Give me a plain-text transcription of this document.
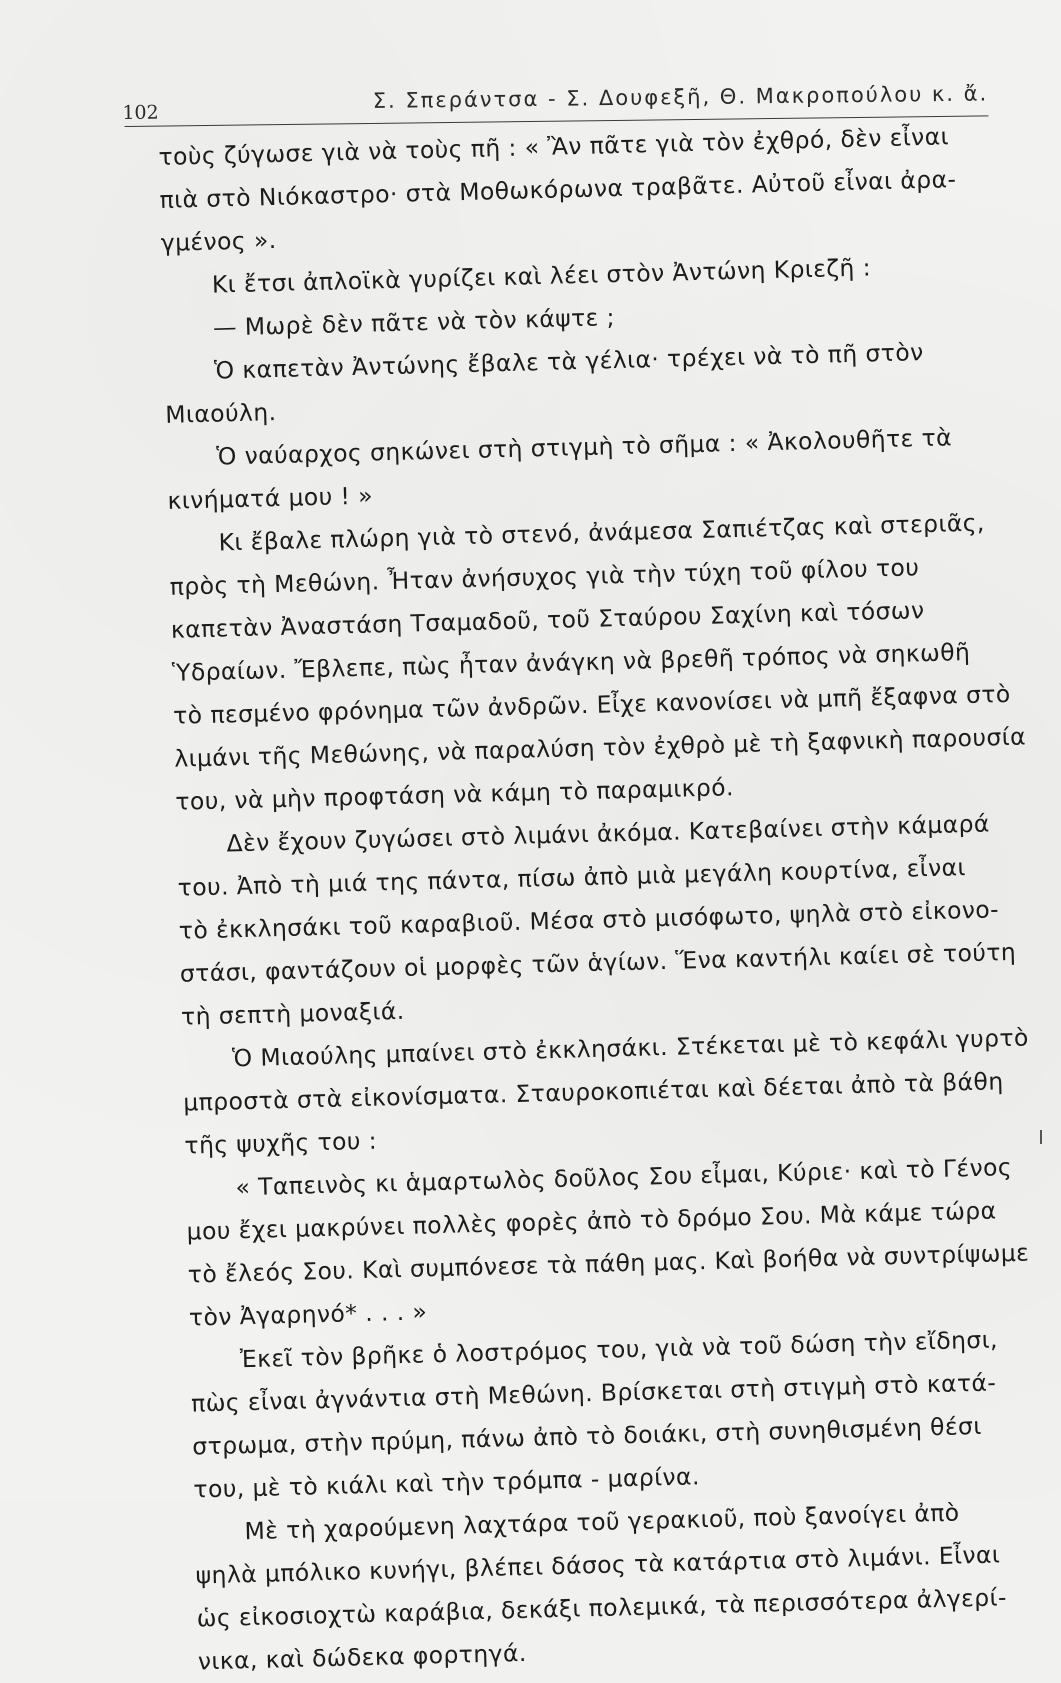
102	Σ. Σπεράντσα - Σ. Δουφεξῆ, Θ. Μακροπούλου κ. ἄ.
τοὺς ζύγωσε γιὰ νὰ τοὺς πῆ : « Ἂν πᾶτε γιὰ τὸν ἐχθρό, δὲν εἶναι
πιὰ στὸ Νιόκαστρο· στὰ Μοθωκόρωνα τραβᾶτε. Αὐτοῦ εἶναι ἀρα-
γμένος ».
Κι ἔτσι ἀπλοϊκὰ γυρίζει καὶ λέει στὸν Ἀντώνη Κριεζῆ :
— Μωρὲ δὲν πᾶτε νὰ τὸν κάψτε ;
Ὁ καπετὰν Ἀντώνης ἔβαλε τὰ γέλια· τρέχει νὰ τὸ πῆ στὸν
Μιαούλη.
Ὁ ναύαρχος σηκώνει στὴ στιγμὴ τὸ σῆμα : « Ἀκολουθῆτε τὰ
κινήματά μου ! »
Κι ἔβαλε πλώρη γιὰ τὸ στενό, ἀνάμεσα Σαπιέτζας καὶ στεριᾶς,
πρὸς τὴ Μεθώνη. Ἦταν ἀνήσυχος γιὰ τὴν τύχη τοῦ φίλου του
καπετὰν Ἀναστάση Τσαμαδοῦ, τοῦ Σταύρου Σαχίνη καὶ τόσων
Ὑδραίων. Ἔβλεπε, πὼς ἦταν ἀνάγκη νὰ βρεθῆ τρόπος νὰ σηκωθῆ
τὸ πεσμένο φρόνημα τῶν ἀνδρῶν. Εἶχε κανονίσει νὰ μπῆ ἔξαφνα στὸ
λιμάνι τῆς Μεθώνης, νὰ παραλύση τὸν ἐχθρὸ μὲ τὴ ξαφνικὴ παρουσία
του, νὰ μὴν προφτάση νὰ κάμη τὸ παραμικρό.
Δὲν ἔχουν ζυγώσει στὸ λιμάνι ἀκόμα. Κατεβαίνει στὴν κάμαρά
του. Ἀπὸ τὴ μιά της πάντα, πίσω ἀπὸ μιὰ μεγάλη κουρτίνα, εἶναι
τὸ ἐκκλησάκι τοῦ καραβιοῦ. Μέσα στὸ μισόφωτο, ψηλὰ στὸ εἰκονο-
στάσι, φαντάζουν οἱ μορφὲς τῶν ἁγίων. Ἕνα καντήλι καίει σὲ τούτη
τὴ σεπτὴ μοναξιά.
Ὁ Μιαούλης μπαίνει στὸ ἐκκλησάκι. Στέκεται μὲ τὸ κεφάλι γυρτὸ
μπροστὰ στὰ εἰκονίσματα. Σταυροκοπιέται καὶ δέεται ἀπὸ τὰ βάθη
τῆς ψυχῆς του :
« Ταπεινὸς κι ἁμαρτωλὸς δοῦλος Σου εἶμαι, Κύριε· καὶ τὸ Γένος
μου ἔχει μακρύνει πολλὲς φορὲς ἀπὸ τὸ δρόμο Σου. Μὰ κάμε τώρα
τὸ ἔλεός Σου. Καὶ συμπόνεσε τὰ πάθη μας. Καὶ βοήθα νὰ συντρίψωμε
τὸν Ἀγαρηνό* . . . »
Ἐκεῖ τὸν βρῆκε ὁ λοστρόμος του, γιὰ νὰ τοῦ δώση τὴν εἴδησι,
πὼς εἶναι ἀγνάντια στὴ Μεθώνη. Βρίσκεται στὴ στιγμὴ στὸ κατά-
στρωμα, στὴν πρύμη, πάνω ἀπὸ τὸ δοιάκι, στὴ συνηθισμένη θέσι
του, μὲ τὸ κιάλι καὶ τὴν τρόμπα - μαρίνα.
Μὲ τὴ χαρούμενη λαχτάρα τοῦ γερακιοῦ, ποὺ ξανοίγει ἀπὸ
ψηλὰ μπόλικο κυνήγι, βλέπει δάσος τὰ κατάρτια στὸ λιμάνι. Εἶναι
ὡς εἰκοσιοχτὼ καράβια, δεκάξι πολεμικά, τὰ περισσότερα ἀλγερί-
νικα, καὶ δώδεκα φορτηγά.
